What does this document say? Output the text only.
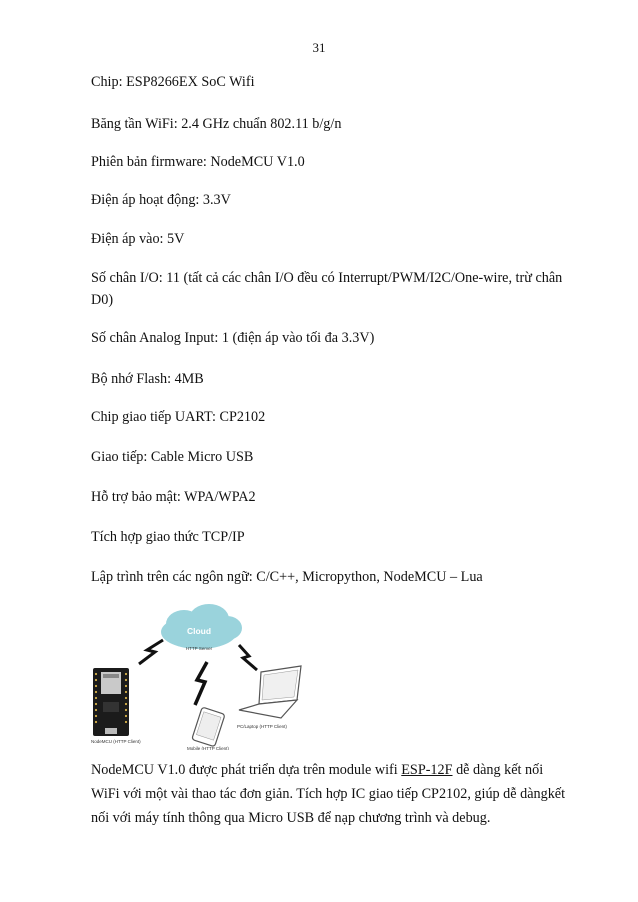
31

Chip: ESP8266EX SoC Wifi

Băng tần WiFi: 2.4 GHz chuẩn 802.11 b/g/n

Phiên bản firmware: NodeMCU V1.0

Điện áp hoạt động: 3.3V

Điện áp vào: 5V

Số chân I/O: 11 (tất cả các chân I/O đều có Interrupt/PWM/I2C/One-wire, trừ chân D0)

Số chân Analog Input: 1 (điện áp vào tối đa 3.3V)

Bộ nhớ Flash: 4MB

Chip giao tiếp UART: CP2102

Giao tiếp: Cable Micro USB

Hỗ trợ bảo mật: WPA/WPA2

Tích hợp giao thức TCP/IP

Lập trình trên các ngôn ngữ: C/C++, Micropython, NodeMCU – Lua

Cloud
HTTP Server
NodeMCU (HTTP Client)
Mobile (HTTP Client)
PC/Laptop (HTTP Client)

NodeMCU V1.0 được phát triển dựa trên module wifi ESP-12F dễ dàng kết nối WiFi với một vài thao tác đơn giản. Tích hợp IC giao tiếp CP2102, giúp dễ dàngkết nối với máy tính thông qua Micro USB để nạp chương trình và debug.
